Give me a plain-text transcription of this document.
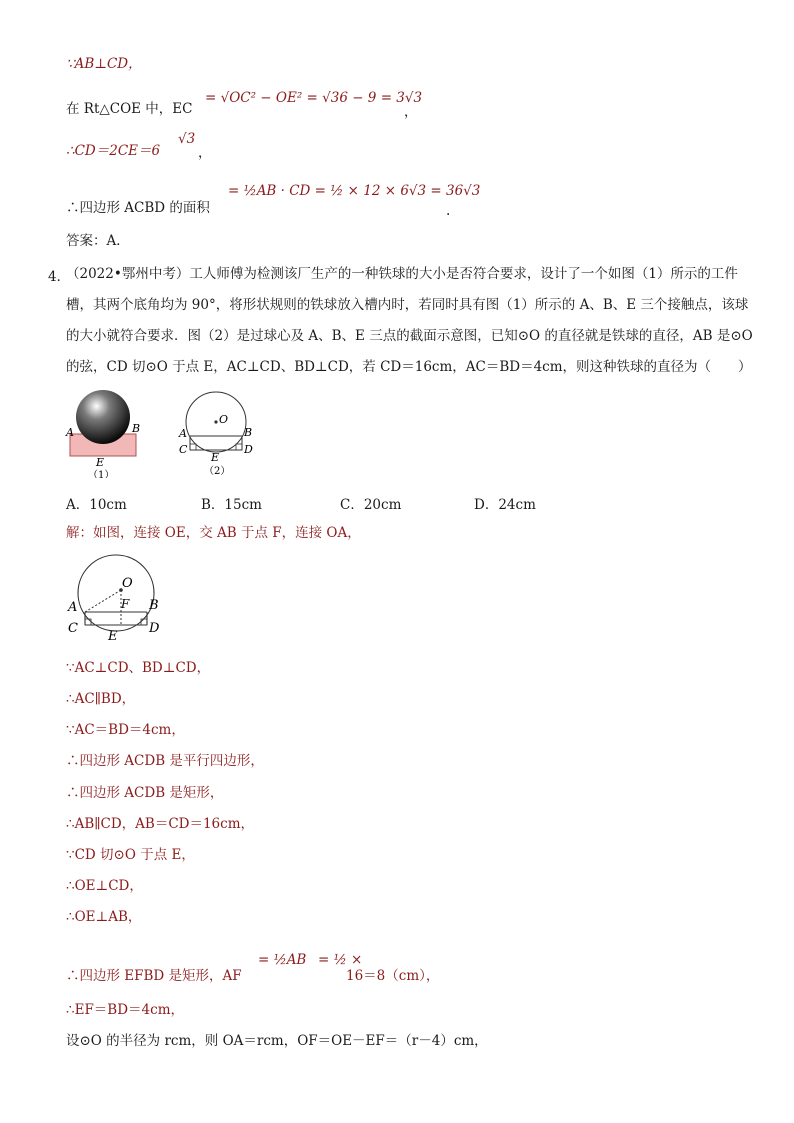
∵AB⊥CD，
在 Rt△COE 中，EC
= √OC² − OE² = √36 − 9 = 3√3
，
∴CD＝2CE＝6
√3
，
∴四边形 ACBD 的面积
= ½AB · CD = ½ × 12 × 6√3 = 36√3
.
答案：A．
4．
（2022•鄂州中考）工人师傅为检测该厂生产的一种铁球的大小是否符合要求，设计了一个如图（1）所示的工件槽，其两个底角均为 90°，将形状规则的铁球放入槽内时，若同时具有图（1）所示的 A、B、E 三个接触点，该球的大小就符合要求．图（2）是过球心及 A、B、E 三点的截面示意图，已知⊙O 的直径就是铁球的直径，AB 是⊙O 的弦，CD 切⊙O 于点 E，AC⊥CD、BD⊥CD，若 CD＝16cm，AC＝BD＝4cm，则这种铁球的直径为（　　）
A	B
E
（1）
O
A	B
C	D
E
（2）
A．10cm	B．15cm	C．20cm	D．24cm
解：如图，连接 OE，交 AB 于点 F，连接 OA，
O
F
A	B
C	D
E
∵AC⊥CD、BD⊥CD，
∴AC∥BD，
∵AC＝BD＝4cm，
∴四边形 ACDB 是平行四边形，
∴四边形 ACDB 是矩形，
∴AB∥CD，AB＝CD＝16cm，
∵CD 切⊙O 于点 E，
∴OE⊥CD，
∴OE⊥AB，
∴四边形 EFBD 是矩形，AF
= ½AB = ½ ×
16＝8（cm），
∴EF＝BD＝4cm，
设⊙O 的半径为 rcm，则 OA＝rcm，OF＝OE－EF＝（r－4）cm，
